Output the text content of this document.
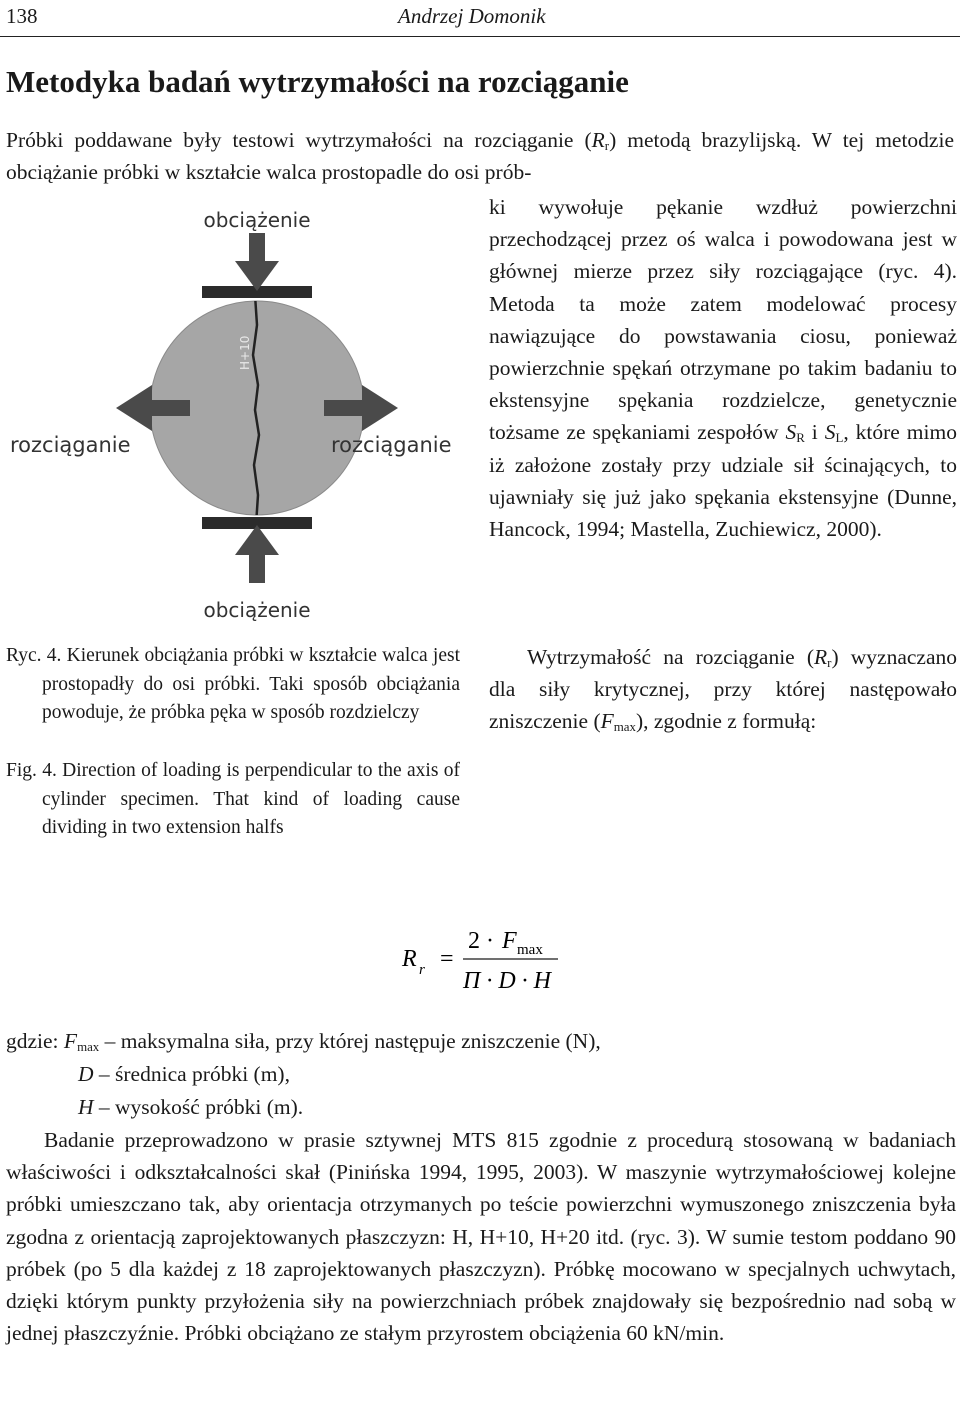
138	Andrzej Domonik
Metodyka badań wytrzymałości na rozciąganie

Próbki poddawane były testowi wytrzymałości na rozciąganie $(R_r)$ metodą brazylijską. W tej metodzie obciążanie próbki w kształcie walca prostopadle do osi prób-

obciążenie
obciążenie
rozciąganie	rozciąganie
H+10

ki wywołuje pękanie wzdłuż powierzchni przechodzącej przez oś walca i powodowana jest w głównej mierze przez siły rozciągające (ryc. 4). Metoda ta może zatem modelować procesy nawiązujące do powstawania ciosu, ponieważ powierzchnie spękań otrzymane po takim badaniu to ekstensyjne spękania rozdzielcze, genetycznie tożsame ze spękaniami zespołów $S_R$ i $S_L$, które mimo iż założone zostały przy udziale sił ścinających, to ujawniały się już jako spękania ekstensyjne (Dunne, Hancock, 1994; Mastella, Zuchiewicz, 2000).

Wytrzymałość na rozciąganie $(R_r)$ wyznaczano dla siły krytycznej, przy której następowało zniszczenie $(F_{max})$, zgodnie z formułą:

Ryc. 4. Kierunek obciążania próbki w kształcie walca jest prostopadły do osi próbki. Taki sposób obciążania powoduje, że próbka pęka w sposób rozdzielczy

Fig. 4. Direction of loading is perpendicular to the axis of cylinder specimen. That kind of loading cause dividing in two extension halfs

R r =
2 · F max
Π · D · H
gdzie: $F_{max}$ – maksymalna siła, przy której następuje zniszczenie (N),
D – średnica próbki (m),
H – wysokość próbki (m).

Badanie przeprowadzono w prasie sztywnej MTS 815 zgodnie z procedurą stosowaną w badaniach właściwości i odkształcalności skał (Pinińska 1994, 1995, 2003). W maszynie wytrzymałościowej kolejne próbki umieszczano tak, aby orientacja otrzymanych po teście powierzchni wymuszonego zniszczenia była zgodna z orientacją zaprojektowanych płaszczyzn: H, H+10, H+20 itd. (ryc. 3). W sumie testom poddano 90 próbek (po 5 dla każdej z 18 zaprojektowanych płaszczyzn). Próbkę mocowano w specjalnych uchwytach, dzięki którym punkty przyłożenia siły na powierzchniach próbek znajdowały się bezpośrednio nad sobą w jednej płaszczyźnie. Próbki obciążano ze stałym przyrostem obciążenia 60 kN/min.
